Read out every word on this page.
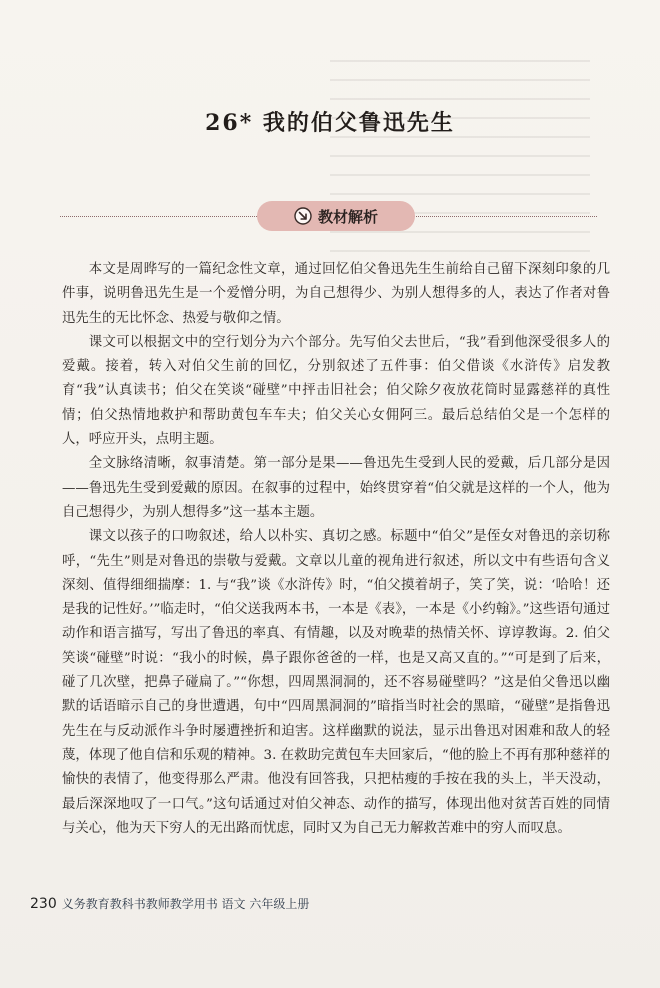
26* 我的伯父鲁迅先生
教材解析

本文是周晔写的一篇纪念性文章，通过回忆伯父鲁迅先生生前给自己留下深刻印象的几件事，说明鲁迅先生是一个爱憎分明，为自己想得少、为别人想得多的人，表达了作者对鲁迅先生的无比怀念、热爱与敬仰之情。

课文可以根据文中的空行划分为六个部分。先写伯父去世后，“我”看到他深受很多人的爱戴。接着，转入对伯父生前的回忆，分别叙述了五件事：伯父借谈《水浒传》启发教育“我”认真读书；伯父在笑谈“碰壁”中抨击旧社会；伯父除夕夜放花筒时显露慈祥的真性情；伯父热情地救护和帮助黄包车车夫；伯父关心女佣阿三。最后总结伯父是一个怎样的人，呼应开头，点明主题。

全文脉络清晰，叙事清楚。第一部分是果——鲁迅先生受到人民的爱戴，后几部分是因——鲁迅先生受到爱戴的原因。在叙事的过程中，始终贯穿着“伯父就是这样的一个人，他为自己想得少，为别人想得多”这一基本主题。

课文以孩子的口吻叙述，给人以朴实、真切之感。标题中“伯父”是侄女对鲁迅的亲切称呼，“先生”则是对鲁迅的崇敬与爱戴。文章以儿童的视角进行叙述，所以文中有些语句含义深刻、值得细细揣摩：1. 与“我”谈《水浒传》时，“伯父摸着胡子，笑了笑，说：‘哈哈！还是我的记性好。’”临走时，“伯父送我两本书，一本是《表》，一本是《小约翰》。”这些语句通过动作和语言描写，写出了鲁迅的率真、有情趣，以及对晚辈的热情关怀、谆谆教诲。2. 伯父笑谈“碰壁”时说：“我小的时候，鼻子跟你爸爸的一样，也是又高又直的。”“可是到了后来，碰了几次壁，把鼻子碰扁了。”“你想，四周黑洞洞的，还不容易碰壁吗？”这是伯父鲁迅以幽默的话语暗示自己的身世遭遇，句中“四周黑洞洞的”暗指当时社会的黑暗，“碰壁”是指鲁迅先生在与反动派作斗争时屡遭挫折和迫害。这样幽默的说法，显示出鲁迅对困难和敌人的轻蔑，体现了他自信和乐观的精神。3. 在救助完黄包车夫回家后，“他的脸上不再有那种慈祥的愉快的表情了，他变得那么严肃。他没有回答我，只把枯瘦的手按在我的头上，半天没动，最后深深地叹了一口气。”这句话通过对伯父神态、动作的描写，体现出他对贫苦百姓的同情与关心，他为天下穷人的无出路而忧虑，同时又为自己无力解救苦难中的穷人而叹息。

230 义务教育教科书教师教学用书 语文 六年级上册
